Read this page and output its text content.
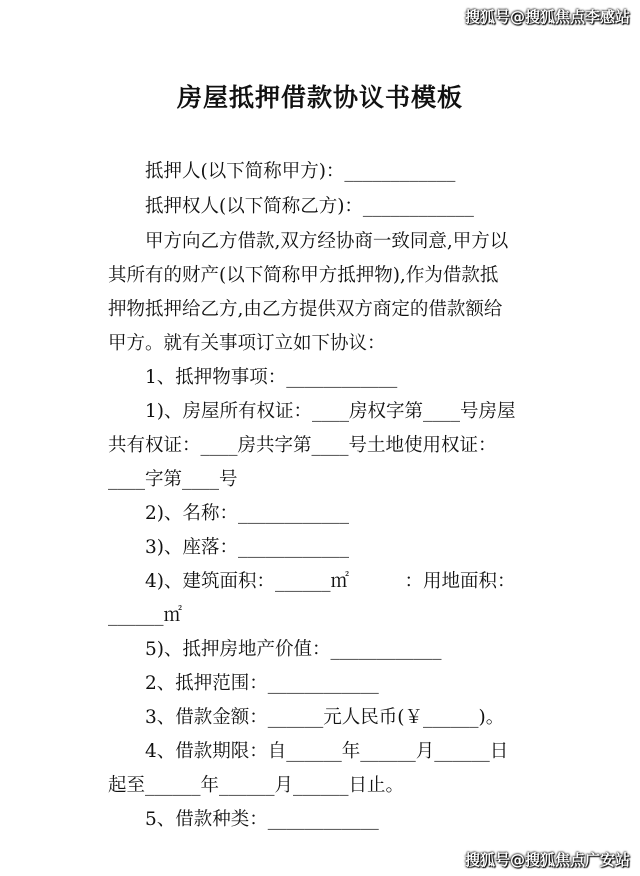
搜狐号@搜狐焦点李感站
房屋抵押借款协议书模板
抵押人(以下简称甲方)：____________
抵押权人(以下简称乙方)：____________
甲方向乙方借款,双方经协商一致同意,甲方以
其所有的财产(以下简称甲方抵押物),作为借款抵
押物抵押给乙方,由乙方提供双方商定的借款额给
甲方。就有关事项订立如下协议：
1、抵押物事项：____________
1)、房屋所有权证：____房权字第____号房屋
共有权证：____房共字第____号土地使用权证：
____字第____号
2)、名称：____________
3)、座落：____________
4)、建筑面积：______㎡　　　：用地面积：
______㎡
5)、抵押房地产价值：____________
2、抵押范围：____________
3、借款金额：______元人民币(￥______)。
4、借款期限：自______年______月______日
起至______年______月______日止。
5、借款种类：____________
搜狐号@搜狐焦点广安站
